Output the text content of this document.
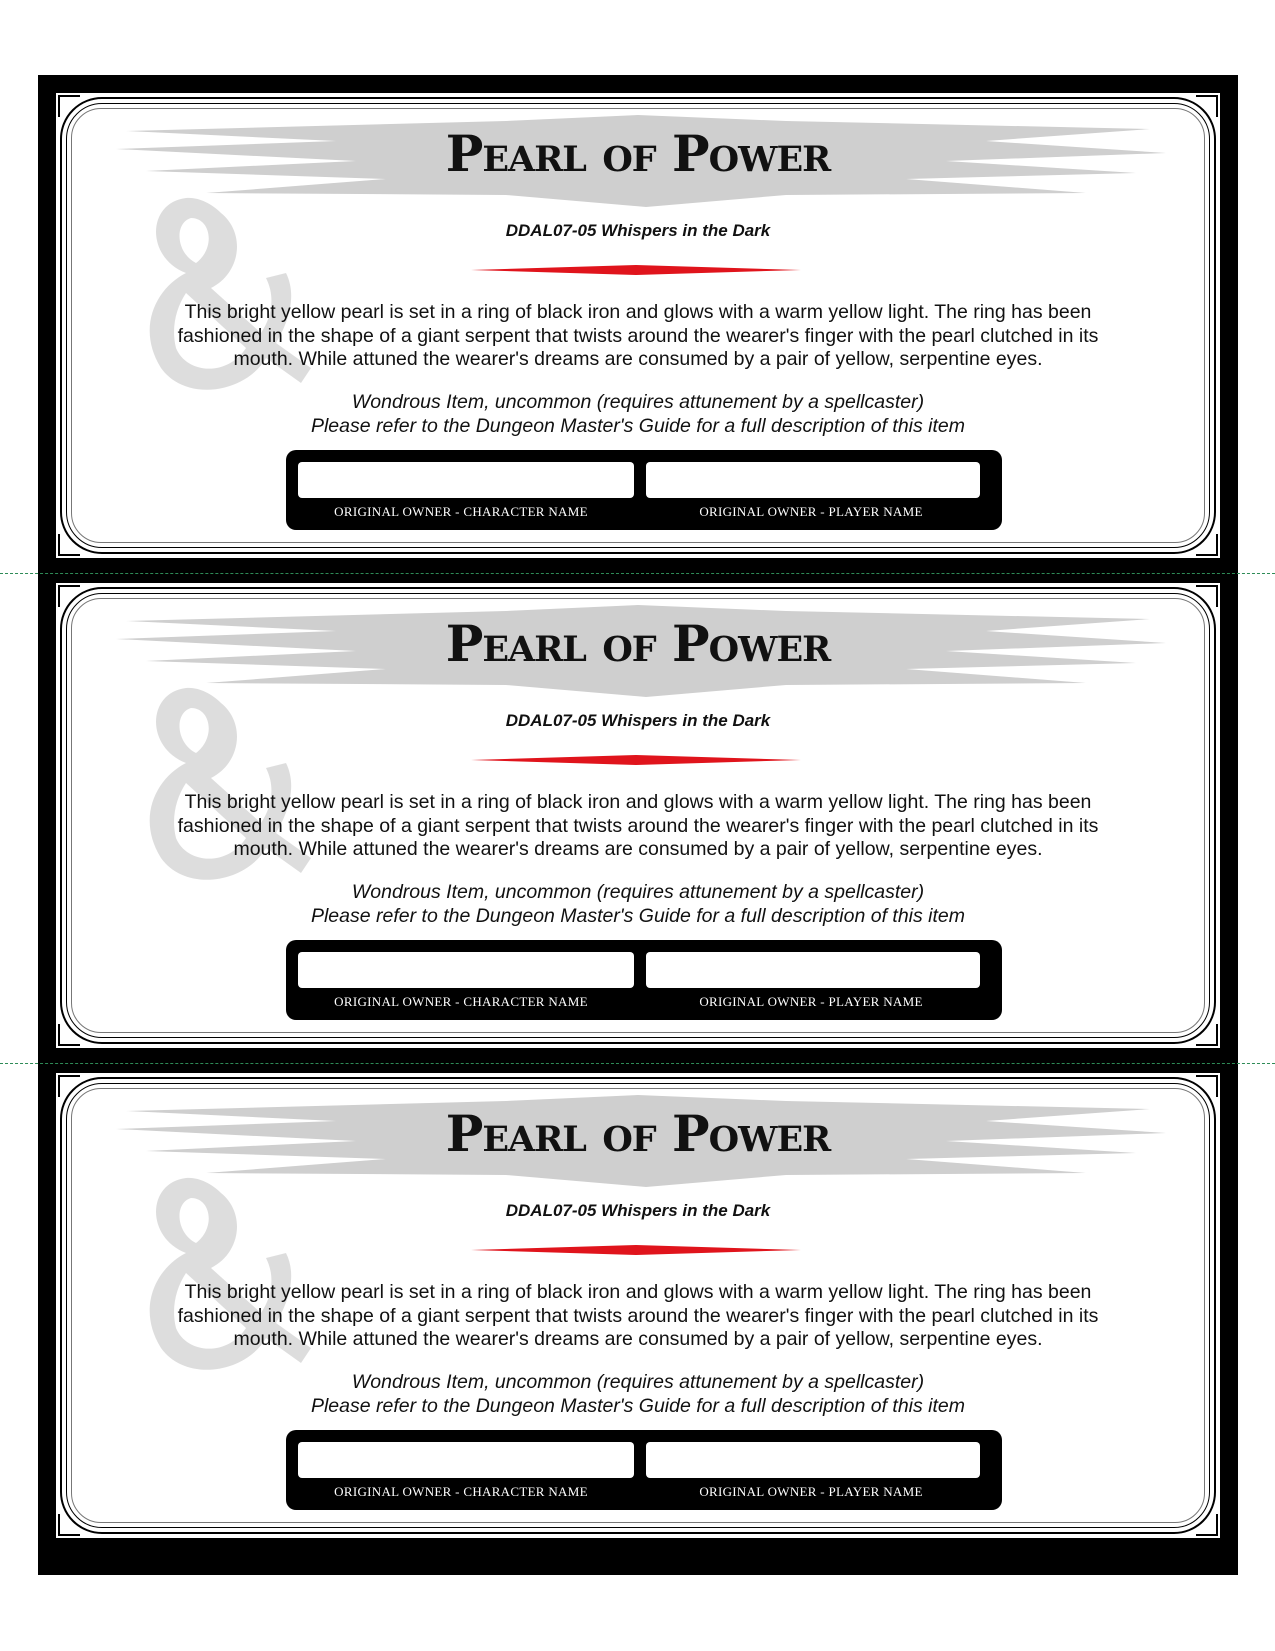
Pearl of Power
DDAL07-05 Whispers in the Dark
This bright yellow pearl is set in a ring of black iron and glows with a warm yellow light. The ring has been fashioned in the shape of a giant serpent that twists around the wearer's finger with the pearl clutched in its mouth. While attuned the wearer's dreams are consumed by a pair of yellow, serpentine eyes.
Wondrous Item, uncommon (requires attunement by a spellcaster)
Please refer to the Dungeon Master's Guide for a full description of this item
ORIGINAL OWNER - CHARACTER NAME	ORIGINAL OWNER - PLAYER NAME
Pearl of Power
DDAL07-05 Whispers in the Dark
This bright yellow pearl is set in a ring of black iron and glows with a warm yellow light. The ring has been fashioned in the shape of a giant serpent that twists around the wearer's finger with the pearl clutched in its mouth. While attuned the wearer's dreams are consumed by a pair of yellow, serpentine eyes.
Wondrous Item, uncommon (requires attunement by a spellcaster)
Please refer to the Dungeon Master's Guide for a full description of this item
ORIGINAL OWNER - CHARACTER NAME	ORIGINAL OWNER - PLAYER NAME
Pearl of Power
DDAL07-05 Whispers in the Dark
This bright yellow pearl is set in a ring of black iron and glows with a warm yellow light. The ring has been fashioned in the shape of a giant serpent that twists around the wearer's finger with the pearl clutched in its mouth. While attuned the wearer's dreams are consumed by a pair of yellow, serpentine eyes.
Wondrous Item, uncommon (requires attunement by a spellcaster)
Please refer to the Dungeon Master's Guide for a full description of this item
ORIGINAL OWNER - CHARACTER NAME	ORIGINAL OWNER - PLAYER NAME
